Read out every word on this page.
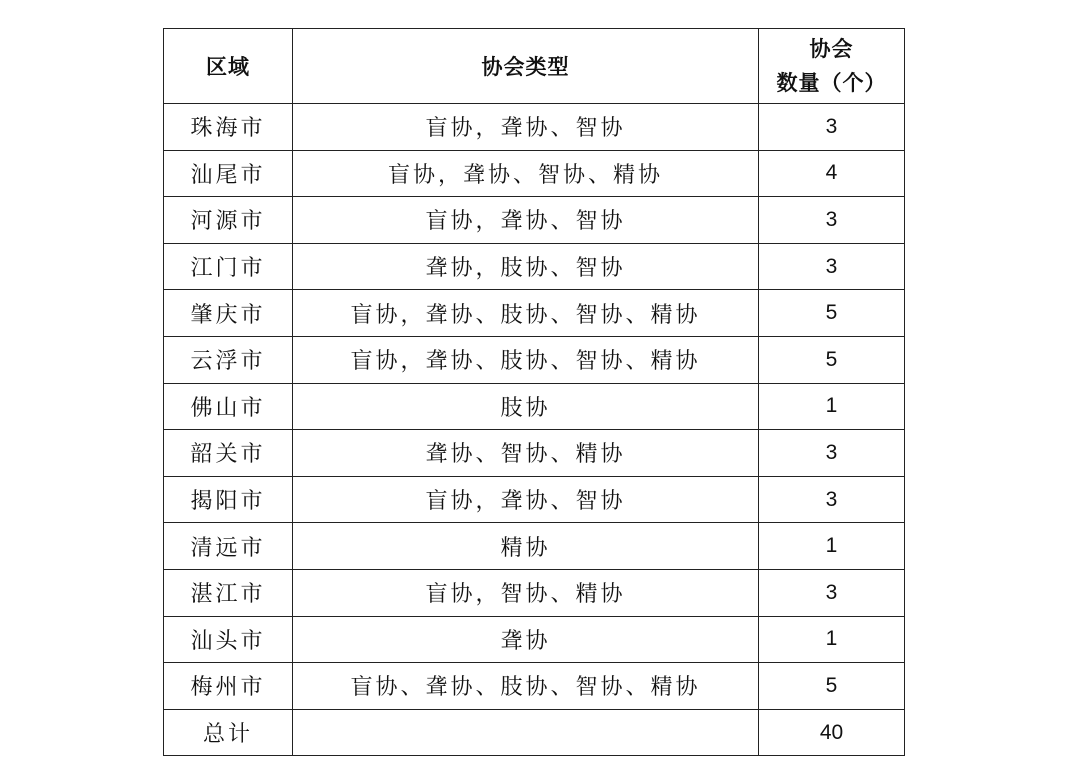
区域	协会类型	协会
数量（个）
珠海市	盲协，聋协、智协	3
汕尾市	盲协，聋协、智协、精协	4
河源市	盲协，聋协、智协	3
江门市	聋协，肢协、智协	3
肇庆市	盲协，聋协、肢协、智协、精协	5
云浮市	盲协，聋协、肢协、智协、精协	5
佛山市	肢协	1
韶关市	聋协、智协、精协	3
揭阳市	盲协，聋协、智协	3
清远市	精协	1
湛江市	盲协，智协、精协	3
汕头市	聋协	1
梅州市	盲协、聋协、肢协、智协、精协	5
总计		40
